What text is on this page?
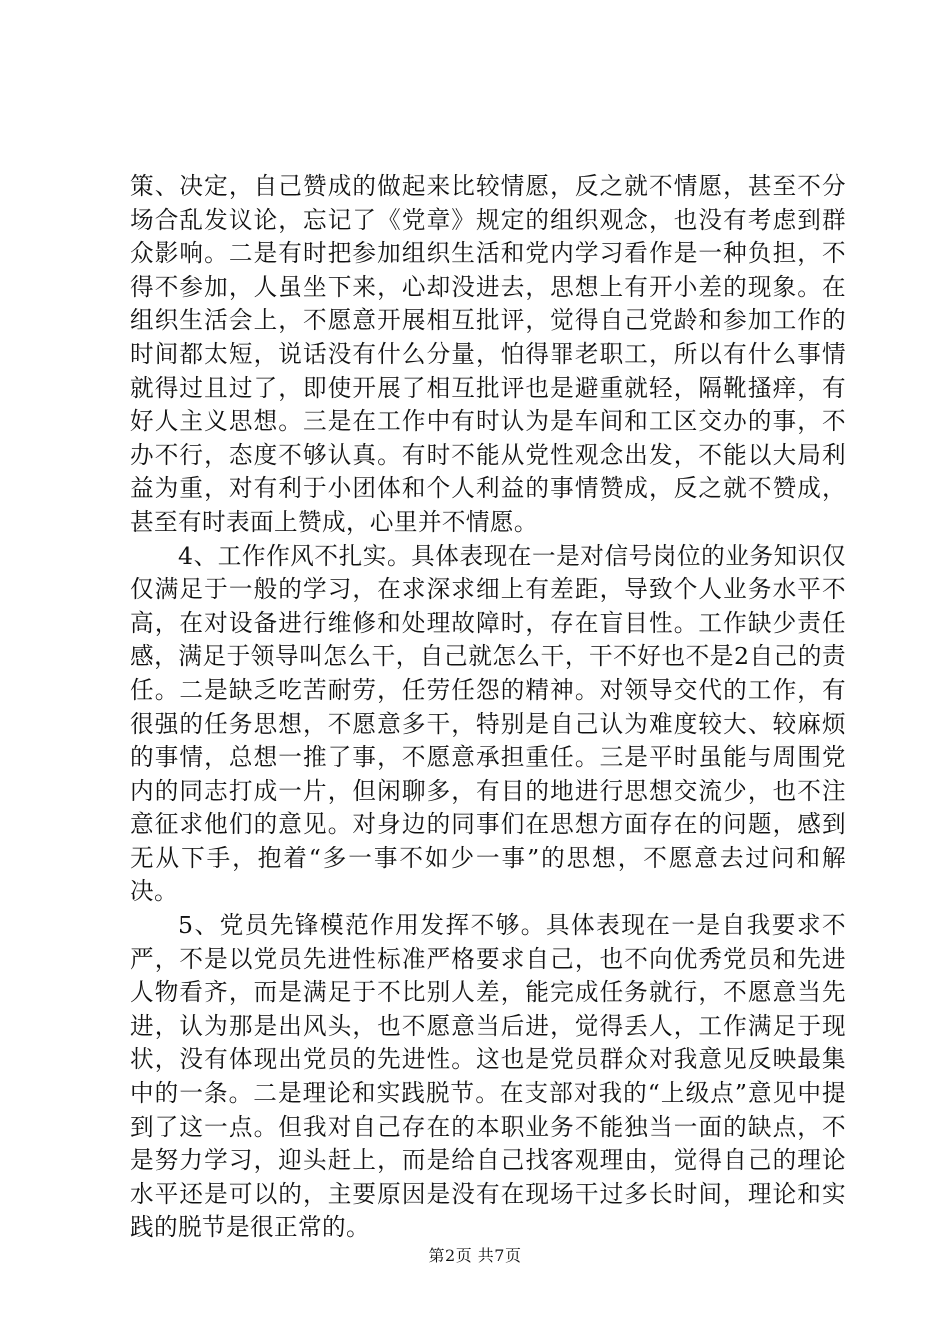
策、决定，自己赞成的做起来比较情愿，反之就不情愿，甚至不分场合乱发议论，忘记了《党章》规定的组织观念，也没有考虑到群众影响。二是有时把参加组织生活和党内学习看作是一种负担，不得不参加，人虽坐下来，心却没进去，思想上有开小差的现象。在组织生活会上，不愿意开展相互批评，觉得自己党龄和参加工作的时间都太短，说话没有什么分量，怕得罪老职工，所以有什么事情就得过且过了，即使开展了相互批评也是避重就轻，隔靴搔痒，有好人主义思想。三是在工作中有时认为是车间和工区交办的事，不办不行，态度不够认真。有时不能从党性观念出发，不能以大局利益为重，对有利于小团体和个人利益的事情赞成，反之就不赞成，甚至有时表面上赞成，心里并不情愿。

4、工作作风不扎实。具体表现在一是对信号岗位的业务知识仅仅满足于一般的学习，在求深求细上有差距，导致个人业务水平不高，在对设备进行维修和处理故障时，存在盲目性。工作缺少责任感，满足于领导叫怎么干，自己就怎么干，干不好也不是2自己的责任。二是缺乏吃苦耐劳，任劳任怨的精神。对领导交代的工作，有很强的任务思想，不愿意多干，特别是自己认为难度较大、较麻烦的事情，总想一推了事，不愿意承担重任。三是平时虽能与周围党内的同志打成一片，但闲聊多，有目的地进行思想交流少，也不注意征求他们的意见。对身边的同事们在思想方面存在的问题，感到无从下手，抱着“多一事不如少一事”的思想，不愿意去过问和解决。

5、党员先锋模范作用发挥不够。具体表现在一是自我要求不严，不是以党员先进性标准严格要求自己，也不向优秀党员和先进人物看齐，而是满足于不比别人差，能完成任务就行，不愿意当先进，认为那是出风头，也不愿意当后进，觉得丢人，工作满足于现状，没有体现出党员的先进性。这也是党员群众对我意见反映最集中的一条。二是理论和实践脱节。在支部对我的“上级点”意见中提到了这一点。但我对自己存在的本职业务不能独当一面的缺点，不是努力学习，迎头赶上，而是给自己找客观理由，觉得自己的理论水平还是可以的，主要原因是没有在现场干过多长时间，理论和实践的脱节是很正常的。

第2页 共7页
